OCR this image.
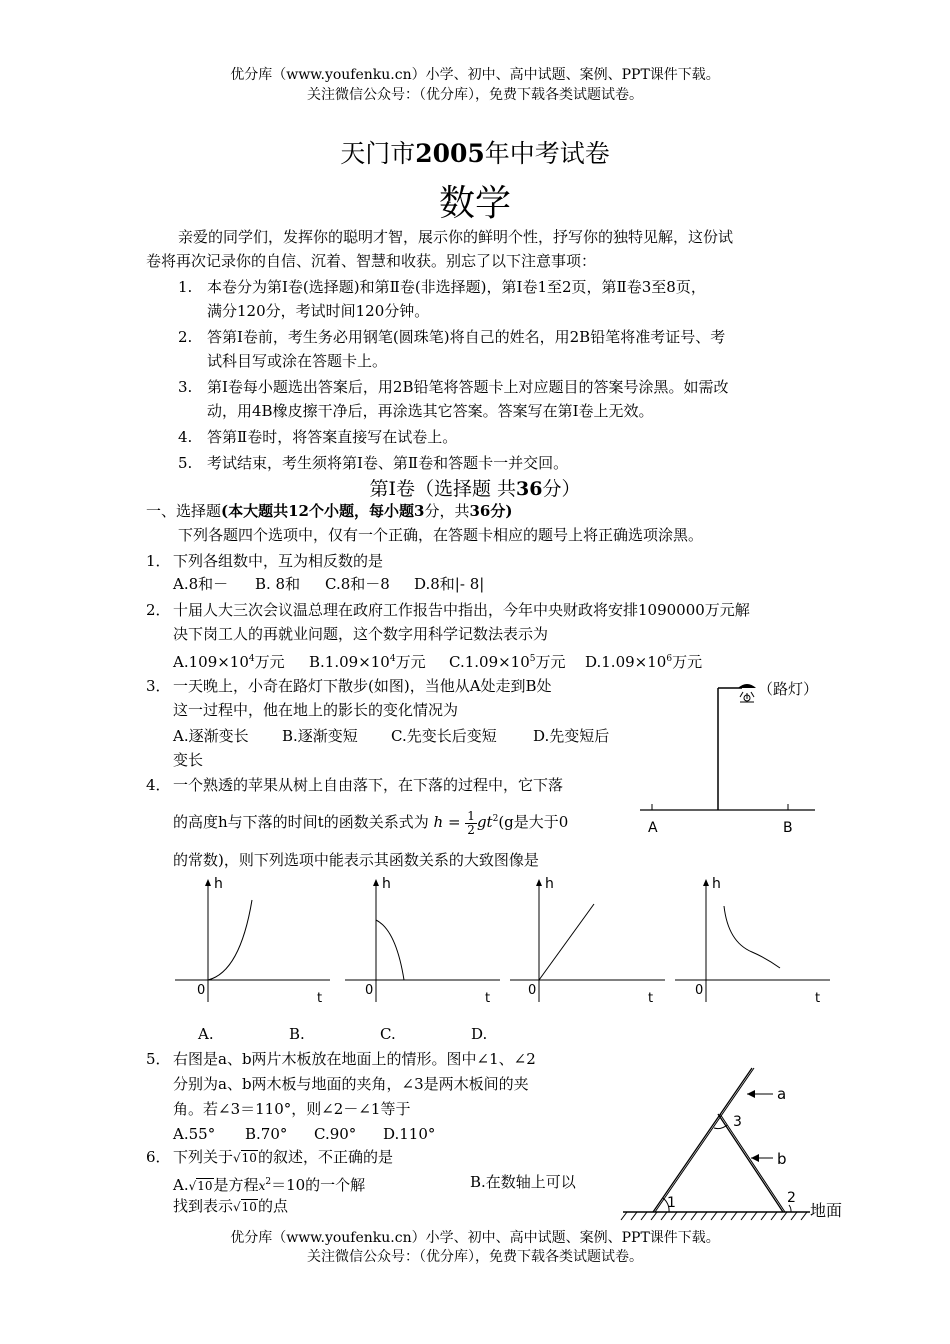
优分库（www.youfenku.cn）小学、初中、高中试题、案例、PPT课件下载。
关注微信公众号：（优分库），免费下载各类试题试卷。
天门市2005年中考试卷
数学
亲爱的同学们，发挥你的聪明才智，展示你的鲜明个性，抒写你的独特见解，这份试
卷将再次记录你的自信、沉着、智慧和收获。别忘了以下注意事项：
1. 本卷分为第Ⅰ卷(选择题)和第Ⅱ卷(非选择题)，第Ⅰ卷1至2页，第Ⅱ卷3至8页，
满分120分，考试时间120分钟。
2. 答第Ⅰ卷前，考生务必用钢笔(圆珠笔)将自己的姓名，用2B铅笔将准考证号、考
试科目写或涂在答题卡上。
3. 第Ⅰ卷每小题选出答案后，用2B铅笔将答题卡上对应题目的答案号涂黑。如需改
动，用4B橡皮擦干净后，再涂选其它答案。答案写在第Ⅰ卷上无效。
4. 答第Ⅱ卷时，将答案直接写在试卷上。
5. 考试结束，考生须将第Ⅰ卷、第Ⅱ卷和答题卡一并交回。
第Ⅰ卷（选择题 共36分）
一、选择题(本大题共12个小题，每小题3分，共36分)
下列各题四个选项中，仅有一个正确，在答题卡相应的题号上将正确选项涂黑。
1． 下列各组数中，互为相反数的是
A.8和－ B. 8和 C.8和－8 D.8和|- 8|
2． 十届人大三次会议温总理在政府工作报告中指出，今年中央财政将安排1090000万元解
决下岗工人的再就业问题，这个数字用科学记数法表示为
$A.109\times 10^4$万元 $B.1.09\times 10^4$万元 $C.1.09\times 10^5$万元 $D.1.09\times 10^6$万元
3． 一天晚上，小奇在路灯下散步(如图)，当他从A处走到B处
这一过程中，他在地上的影长的变化情况为
A.逐渐变长 B.逐渐变短 C.先变长后变短 D.先变短后
变长
（路灯）
A	B
4． 一个熟透的苹果从树上自由落下，在下落的过程中，它下落
的高度h与下落的时间t的函数关系式为 $h = \frac{1}{2} gt^2(g$是大于0
的常数)，则下列选项中能表示其函数关系的大致图像是
h
0
t
h
0
t
h
0
t
h
0
t
A.	B.	C.	D.
5． 右图是a、b两片木板放在地面上的情形。图中∠1、∠2
分别为a、b两木板与地面的夹角，∠3是两木板间的夹
角。若∠3＝110°，则∠2－∠1等于
A.55° B.70° C.90° D.110°
a
b
1
3
2
地面
6． 下列关于√10的叙述，不正确的是
A.√10是方程$x^2=10$的一个解	B.在数轴上可以
找到表示√10的点
优分库（www.youfenku.cn）小学、初中、高中试题、案例、PPT课件下载。
关注微信公众号：（优分库），免费下载各类试题试卷。
